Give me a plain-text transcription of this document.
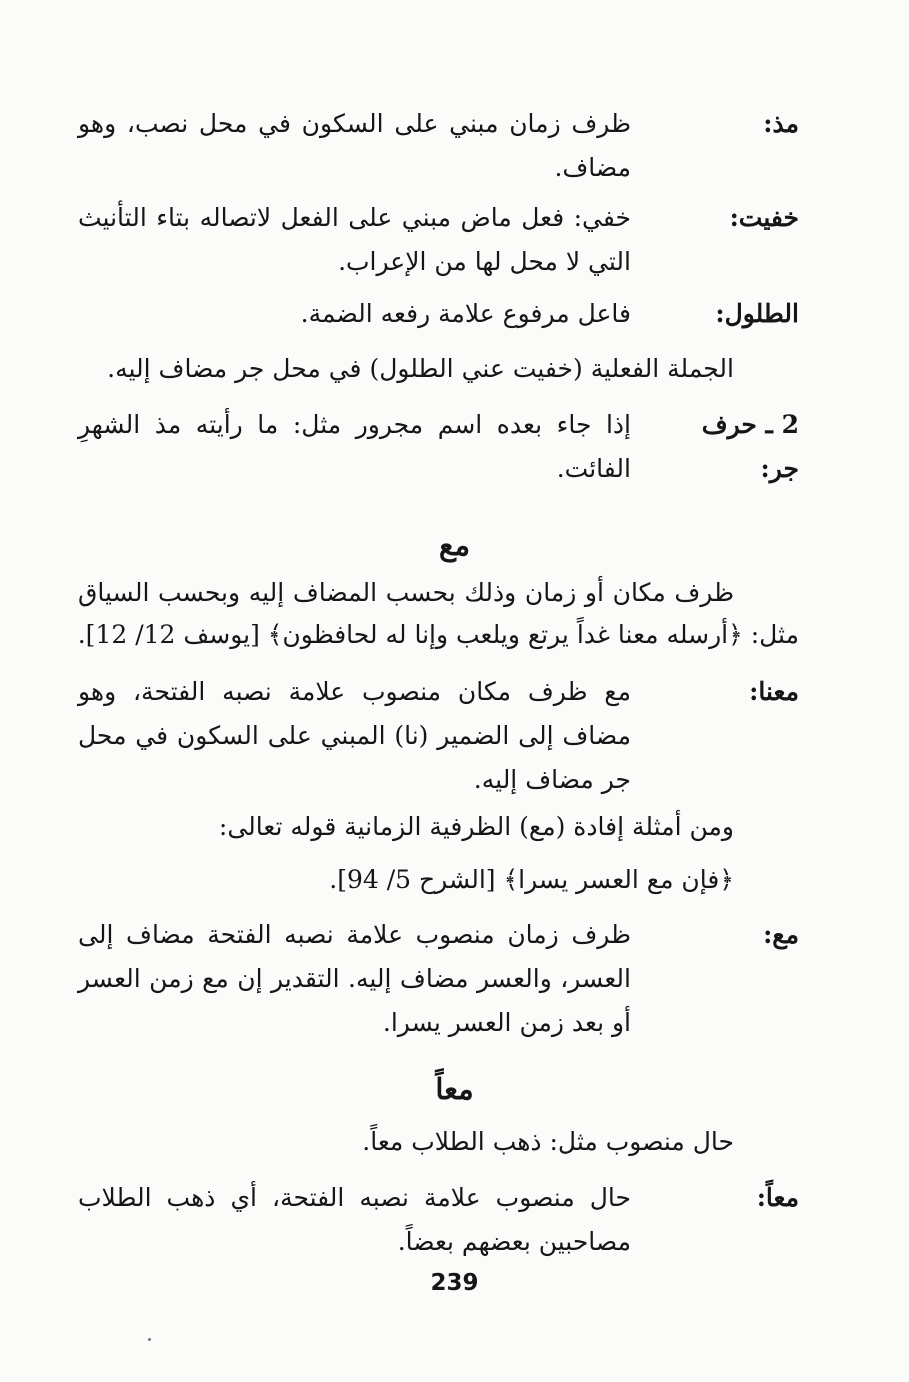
مذ:
ظرف زمان مبني على السكون في محل نصب، وهو مضاف.
خفيت:
خفي: فعل ماض مبني على الفعل لاتصاله بتاء التأنيث التي لا محل لها من الإعراب.
الطلول:
فاعل مرفوع علامة رفعه الضمة.
الجملة الفعلية (خفيت عني الطلول) في محل جر مضاف إليه.
2 ـ حرف جر:
إذا جاء بعده اسم مجرور مثل: ما رأيته مذ الشهرِ الفائت.
مع
ظرف مكان أو زمان وذلك بحسب المضاف إليه وبحسب السياق
مثل: ﴿أرسله معنا غداً يرتع ويلعب وإنا له لحافظون﴾ [يوسف 12/ 12].
معنا:
مع ظرف مكان منصوب علامة نصبه الفتحة، وهو مضاف إلى الضمير (نا) المبني على السكون في محل جر مضاف إليه.
ومن أمثلة إفادة (مع) الظرفية الزمانية قوله تعالى:
﴿فإن مع العسر يسرا﴾ [الشرح 5/ 94].
مع:
ظرف زمان منصوب علامة نصبه الفتحة مضاف إلى العسر، والعسر مضاف إليه. التقدير إن مع زمن العسر أو بعد زمن العسر يسرا.
معاً
حال منصوب مثل: ذهب الطلاب معاً.
معاً:
حال منصوب علامة نصبه الفتحة، أي ذهب الطلاب مصاحبين بعضهم بعضاً.
239
